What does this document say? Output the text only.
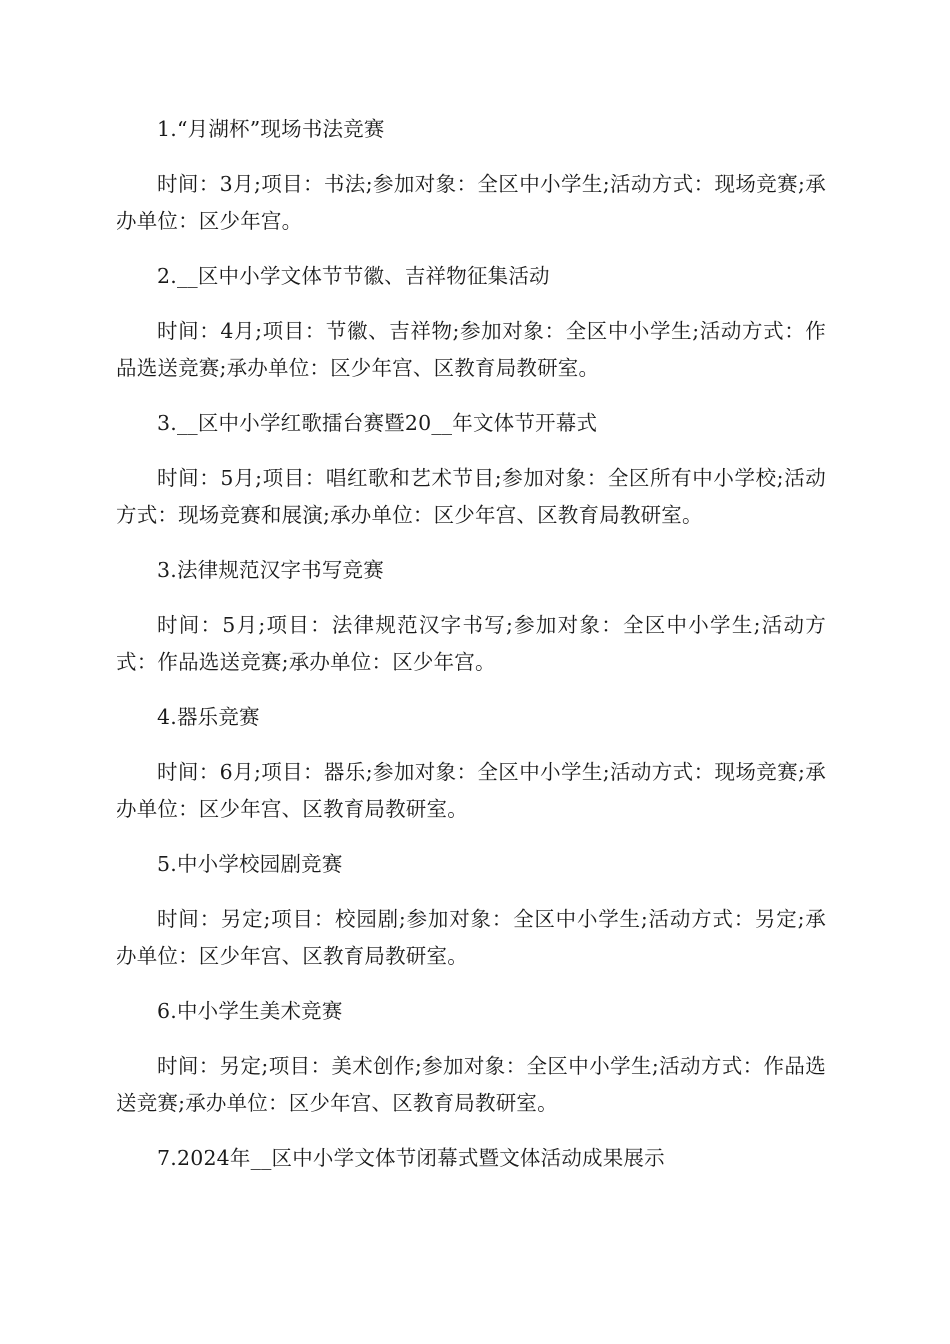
1.“月湖杯”现场书法竞赛

时间：3月;项目：书法;参加对象：全区中小学生;活动方式：现场竞赛;承办单位：区少年宫。

2.__区中小学文体节节徽、吉祥物征集活动

时间：4月;项目：节徽、吉祥物;参加对象：全区中小学生;活动方式：作品选送竞赛;承办单位：区少年宫、区教育局教研室。

3.__区中小学红歌擂台赛暨20__年文体节开幕式

时间：5月;项目：唱红歌和艺术节目;参加对象：全区所有中小学校;活动方式：现场竞赛和展演;承办单位：区少年宫、区教育局教研室。

3.法律规范汉字书写竞赛

时间：5月;项目：法律规范汉字书写;参加对象：全区中小学生;活动方式：作品选送竞赛;承办单位：区少年宫。

4.器乐竞赛

时间：6月;项目：器乐;参加对象：全区中小学生;活动方式：现场竞赛;承办单位：区少年宫、区教育局教研室。

5.中小学校园剧竞赛

时间：另定;项目：校园剧;参加对象：全区中小学生;活动方式：另定;承办单位：区少年宫、区教育局教研室。

6.中小学生美术竞赛

时间：另定;项目：美术创作;参加对象：全区中小学生;活动方式：作品选送竞赛;承办单位：区少年宫、区教育局教研室。

7.2024年__区中小学文体节闭幕式暨文体活动成果展示
